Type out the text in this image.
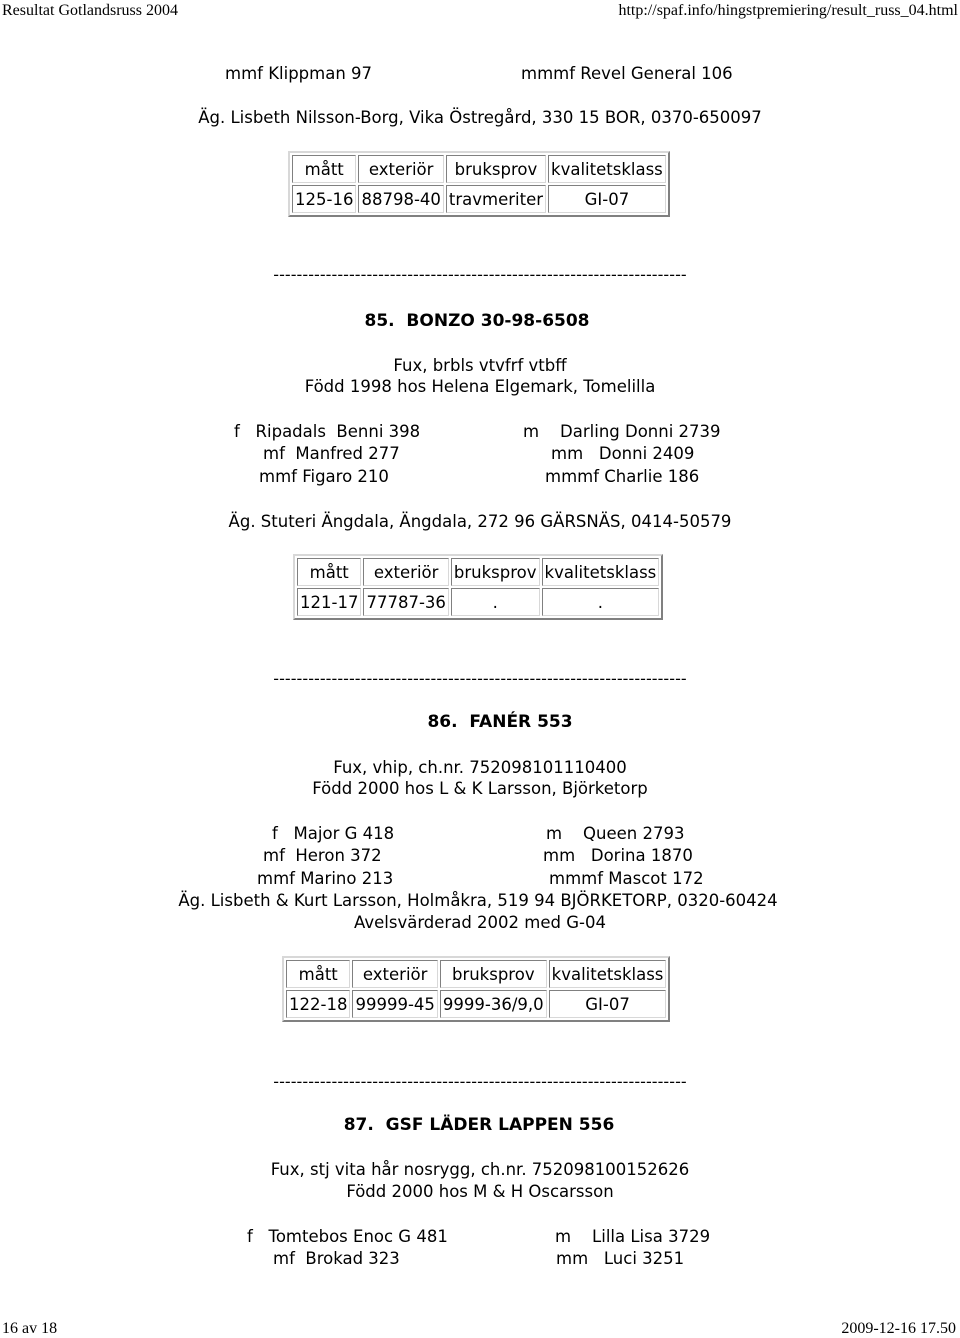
Resultat Gotlandsruss 2004	http://spaf.info/hingstpremiering/result_russ_04.html
mmf Klippman 97	mmmf Revel General 106
Äg. Lisbeth Nilsson-Borg, Vika Östregård, 330 15 BOR, 0370-650097
mått	exteriör	bruksprov	kvalitetsklass
125-16	88798-40	travmeriter	GI-07
-----------------------------------------------------------------------
85.  BONZO 30-98-6508
Fux, brbls vtvfrf vtbff
Född 1998 hos Helena Elgemark, Tomelilla
f   Ripadals  Benni 398	m    Darling Donni 2739
mf  Manfred 277	mm   Donni 2409
mmf Figaro 210	mmmf Charlie 186
Äg. Stuteri Ängdala, Ängdala, 272 96 GÄRSNÄS, 0414-50579
mått	exteriör	bruksprov	kvalitetsklass
121-17	77787-36	.	.
-----------------------------------------------------------------------
86.  FANÉR 553
Fux, vhip, ch.nr. 752098101110400
Född 2000 hos L & K Larsson, Björketorp
f   Major G 418	m    Queen 2793
mf  Heron 372	mm   Dorina 1870
mmf Marino 213	mmmf Mascot 172
Äg. Lisbeth & Kurt Larsson, Holmåkra, 519 94 BJÖRKETORP, 0320-60424
Avelsvärderad 2002 med G-04
mått	exteriör	bruksprov	kvalitetsklass
122-18	99999-45	9999-36/9,0	GI-07
-----------------------------------------------------------------------
87.  GSF LÄDER LAPPEN 556
Fux, stj vita hår nosrygg, ch.nr. 752098100152626
Född 2000 hos M & H Oscarsson
f   Tomtebos Enoc G 481	m    Lilla Lisa 3729
mf  Brokad 323	mm   Luci 3251
16 av 18	2009-12-16 17.50
